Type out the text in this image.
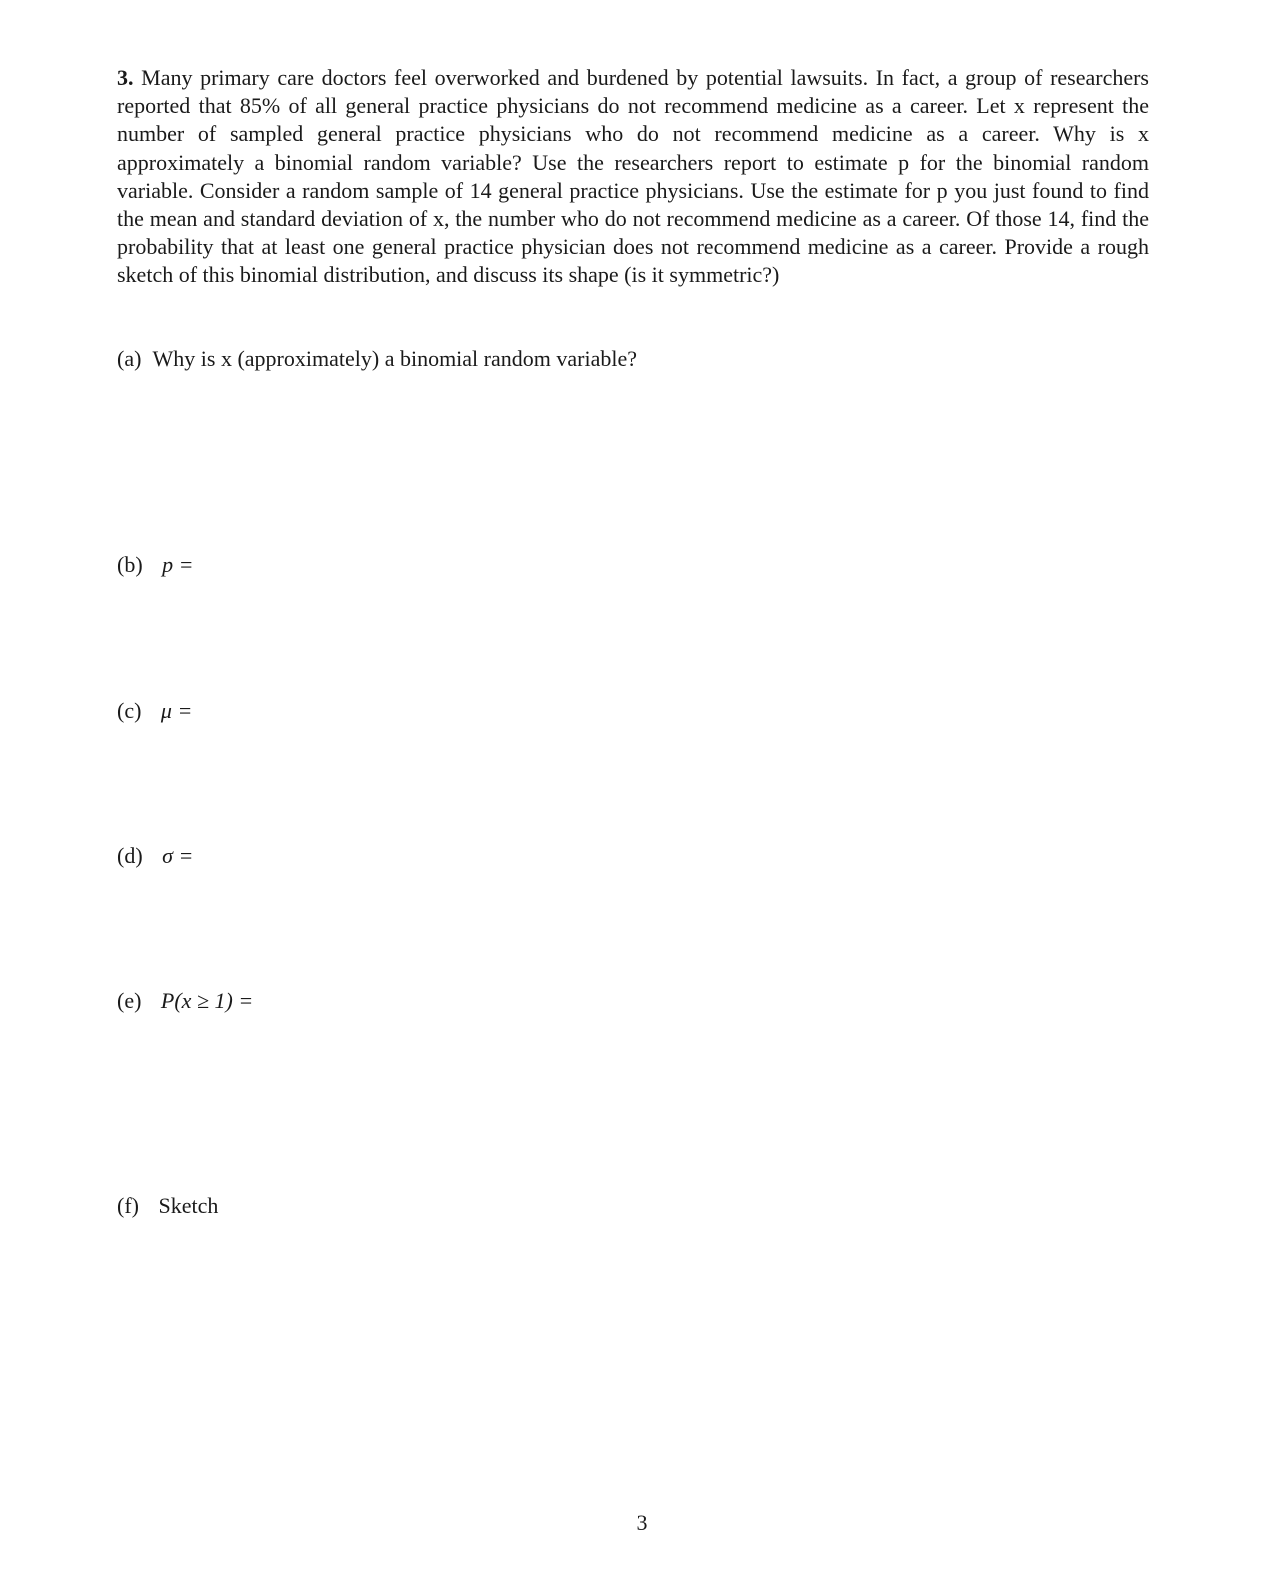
3. Many primary care doctors feel overworked and burdened by potential lawsuits. In fact, a group of researchers reported that 85% of all general practice physicians do not recommend medicine as a career. Let x represent the number of sampled general practice physicians who do not recommend medicine as a career. Why is x approximately a binomial random variable? Use the researchers report to estimate p for the binomial random variable. Consider a random sample of 14 general practice physicians. Use the estimate for p you just found to find the mean and standard deviation of x, the number who do not recommend medicine as a career. Of those 14, find the probability that at least one general practice physician does not recommend medicine as a career. Provide a rough sketch of this binomial distribution, and discuss its shape (is it symmetric?)
(a) Why is x (approximately) a binomial random variable?
(b) p =
(c) μ =
(d) σ =
(e) P(x ≥ 1) =
(f) Sketch
3
